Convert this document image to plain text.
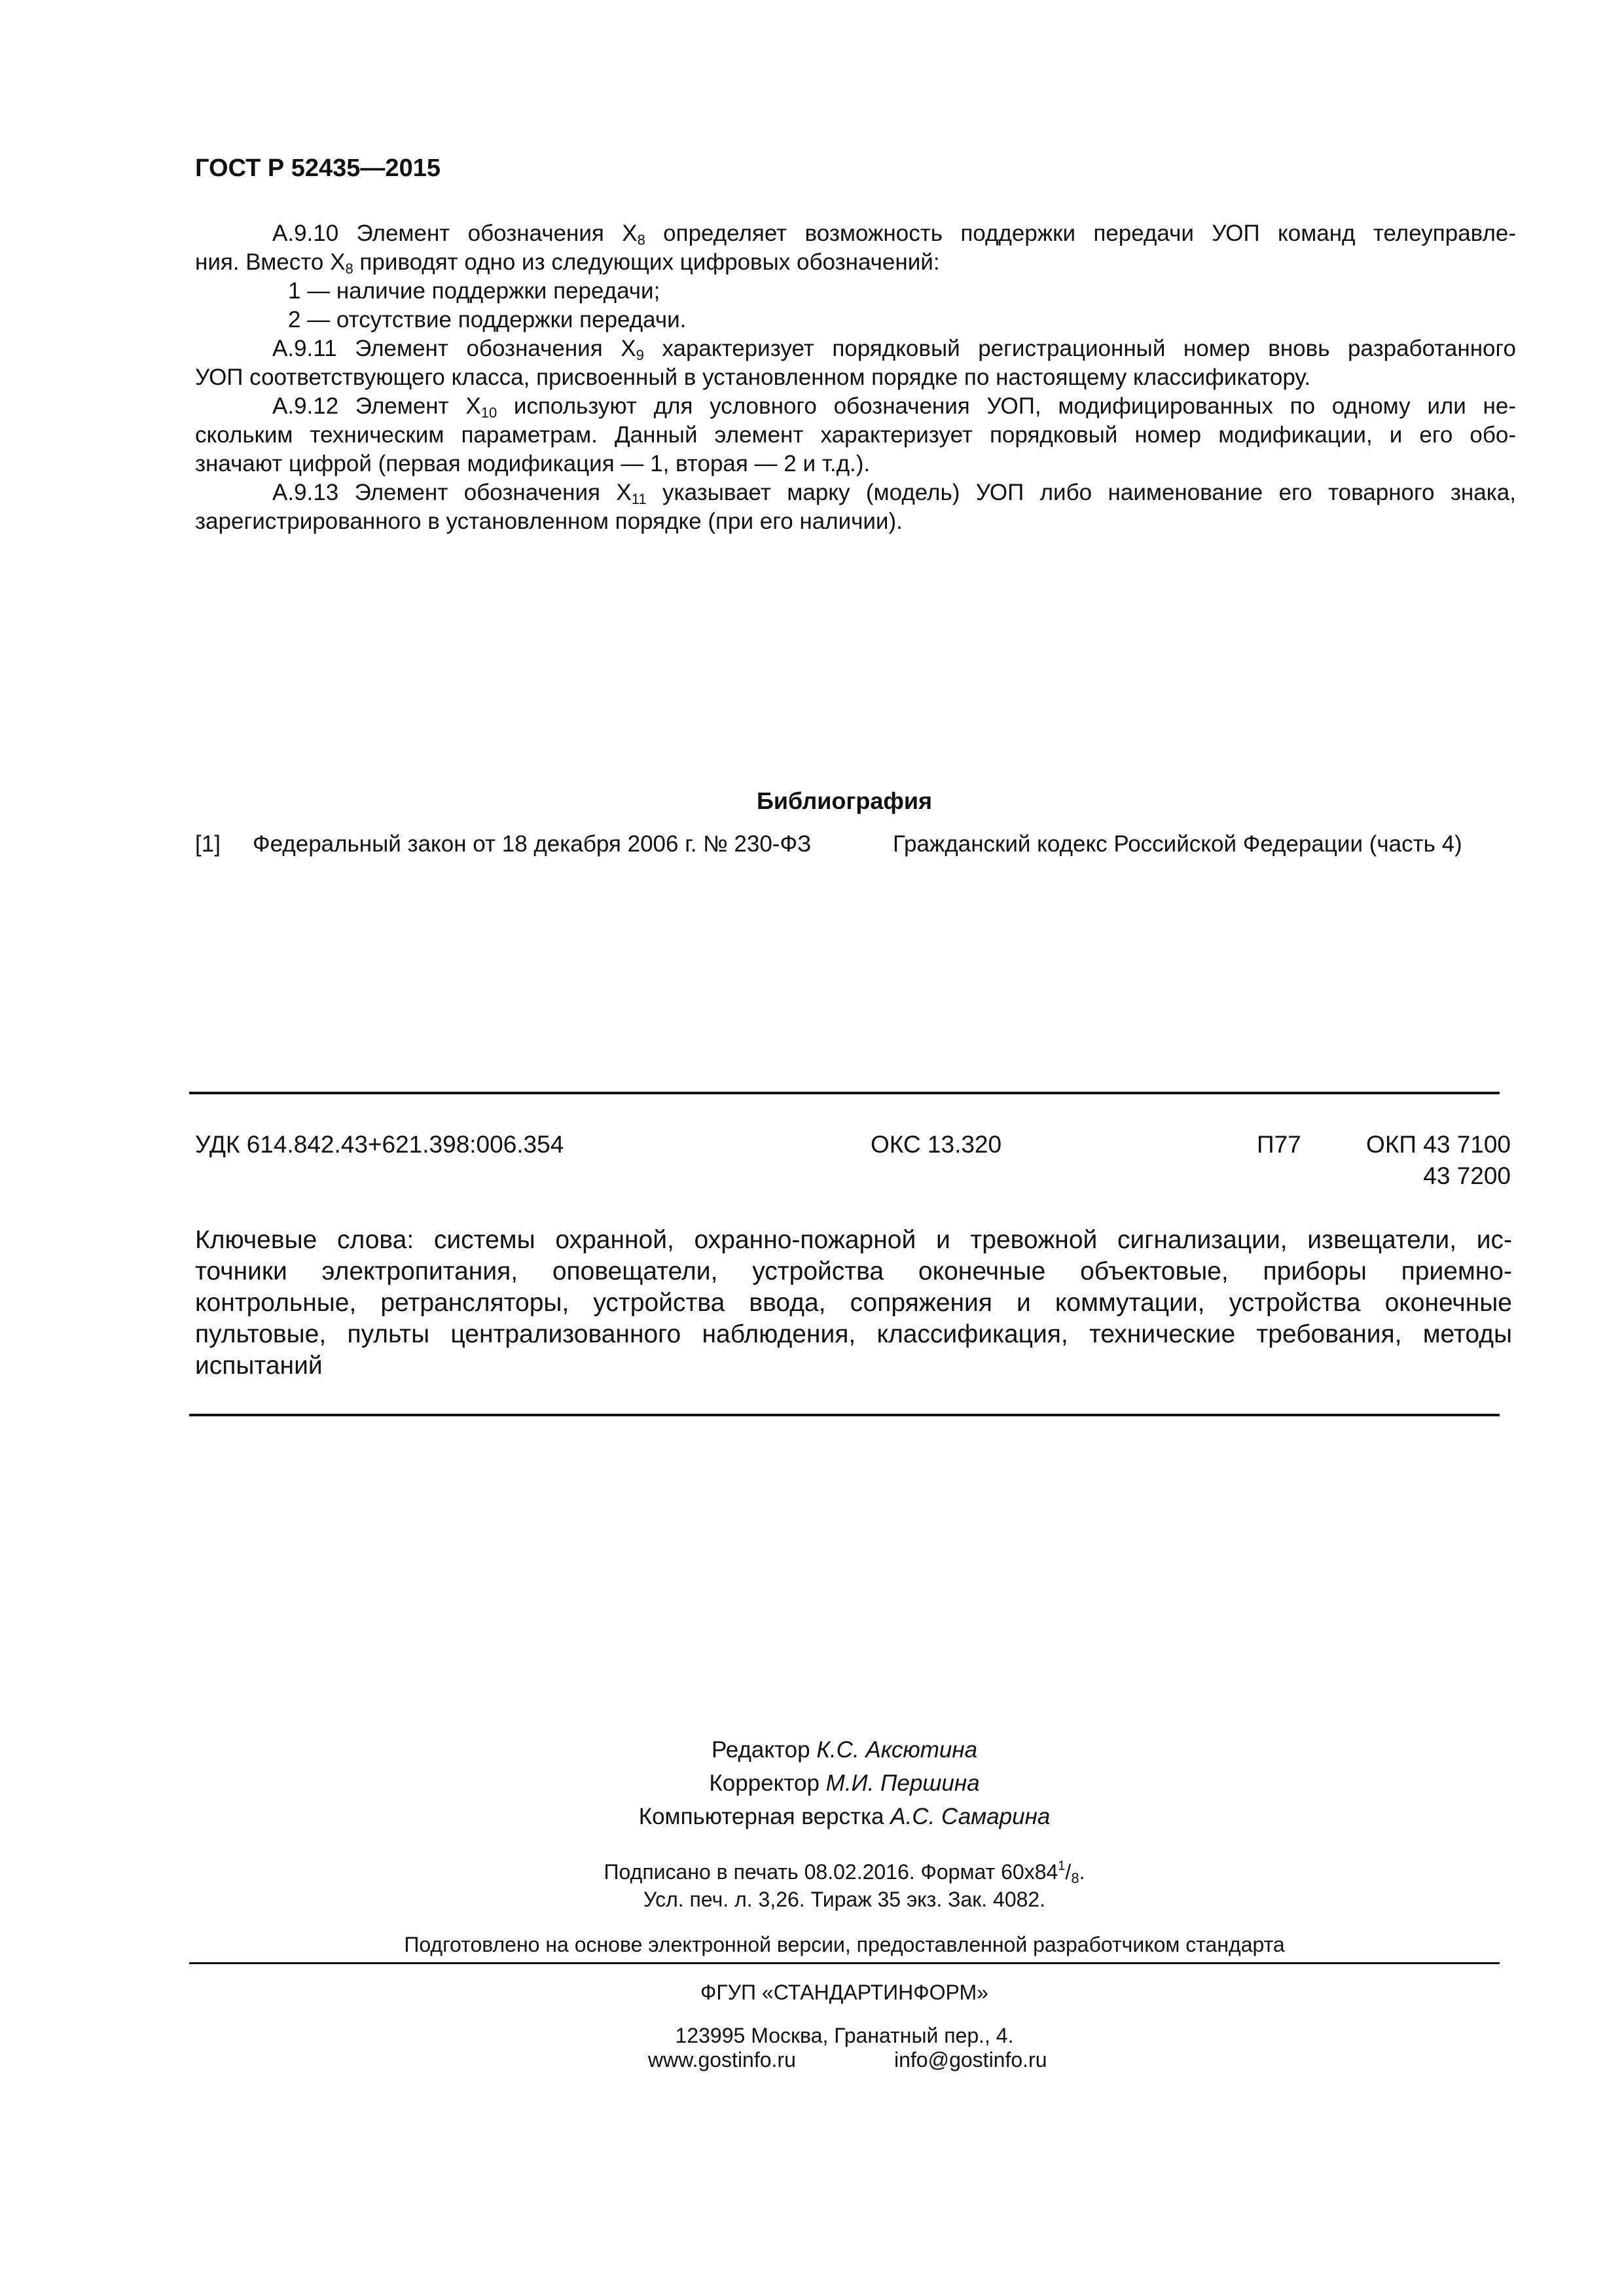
ГОСТ Р 52435—2015
А.9.10 Элемент обозначения $Х_8$ определяет возможность поддержки передачи УОП команд телеуправле-
ния. Вместо $Х_8$ приводят одно из следующих цифровых обозначений:
1 — наличие поддержки передачи;
2 — отсутствие поддержки передачи.
А.9.11 Элемент обозначения $Х_9$ характеризует порядковый регистрационный номер вновь разработанного
УОП соответствующего класса, присвоенный в установленном порядке по настоящему классификатору.
А.9.12 Элемент $Х_{10}$ используют для условного обозначения УОП, модифицированных по одному или не-
скольким техническим параметрам. Данный элемент характеризует порядковый номер модификации, и его обо-
значают цифрой (первая модификация — 1, вторая — 2 и т.д.).
А.9.13 Элемент обозначения $Х_{11}$ указывает марку (модель) УОП либо наименование его товарного знака,
зарегистрированного в установленном порядке (при его наличии).
Библиография
[1] Федеральный закон от 18 декабря 2006 г. № 230-ФЗ	Гражданский кодекс Российской Федерации (часть 4)
УДК 614.842.43+621.398:006.354	ОКС 13.320	П77	ОКП 43 7100
43 7200
Ключевые слова: системы охранной, охранно-пожарной и тревожной сигнализации, извещатели, ис-
точники электропитания, оповещатели, устройства оконечные объектовые, приборы приемно-
контрольные, ретрансляторы, устройства ввода, сопряжения и коммутации, устройства оконечные
пультовые, пульты централизованного наблюдения, классификация, технические требования, методы
испытаний
Редактор К.С. Аксютина
Корректор М.И. Першина
Компьютерная верстка А.С. Самарина
Подписано в печать 08.02.2016. Формат $60х84^1/_8$.
Усл. печ. л. 3,26. Тираж 35 экз. Зак. 4082.
Подготовлено на основе электронной версии, предоставленной разработчиком стандарта
ФГУП «СТАНДАРТИНФОРМ»
123995 Москва, Гранатный пер., 4.
www.gostinfo.ru	info@gostinfo.ru
